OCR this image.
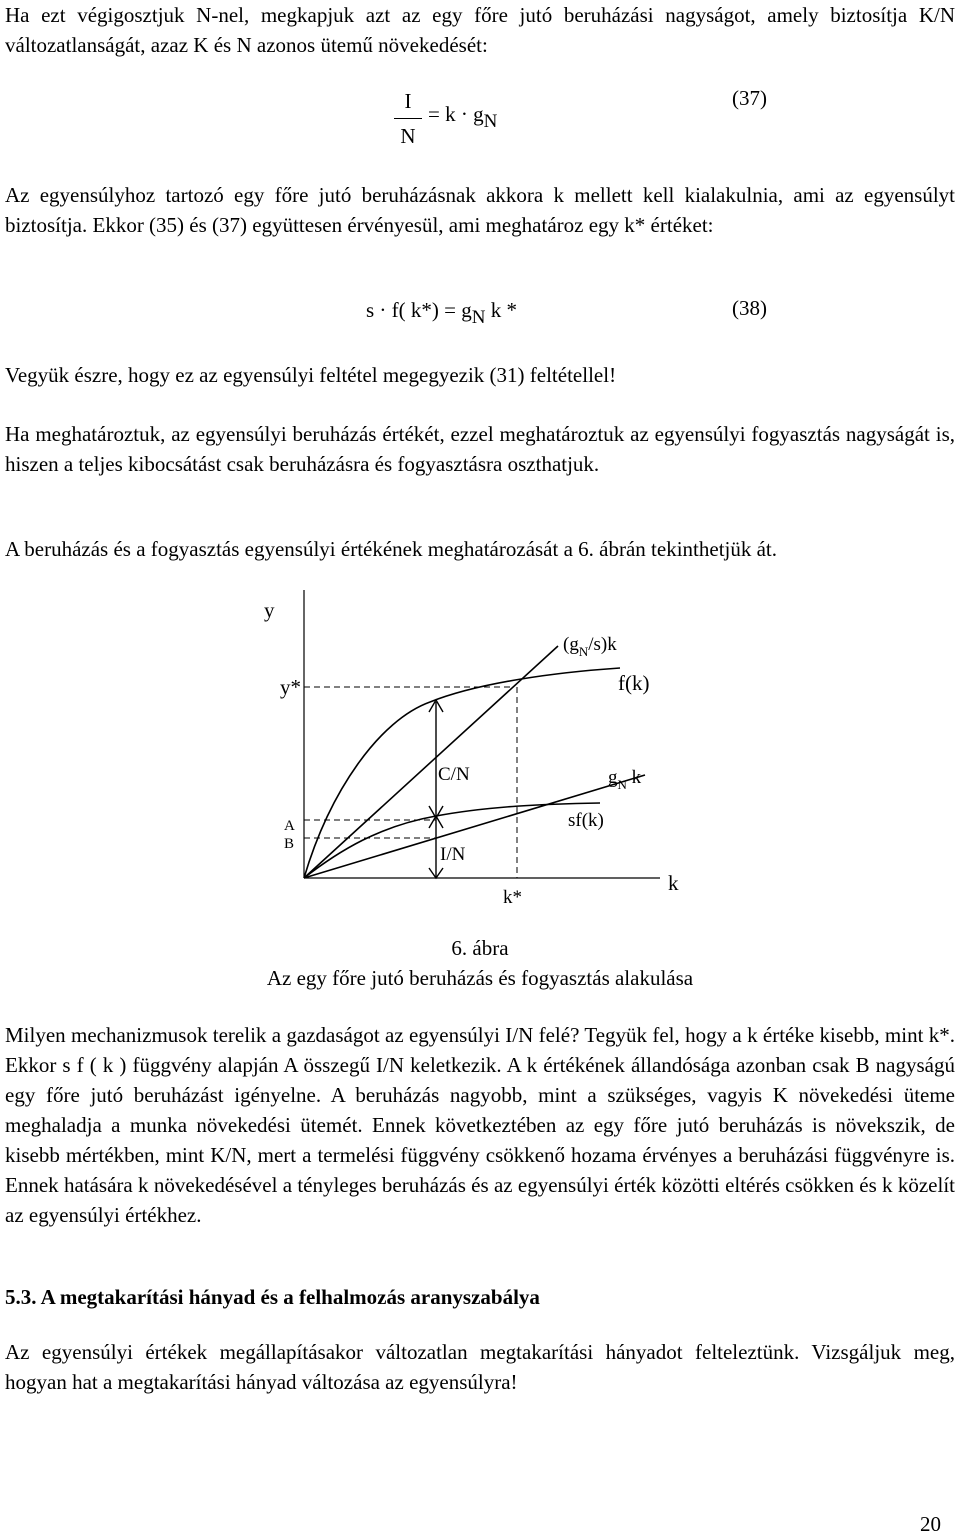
Ha ezt végigosztjuk N-nel, megkapjuk azt az egy főre jutó beruházási nagyságot, amely biztosítja K/N változatlanságát, azaz K és N azonos ütemű növekedését:

I
N
= k · gN
(37)

Az egyensúlyhoz tartozó egy főre jutó beruházásnak akkora k mellett kell kialakulnia, ami az egyensúlyt biztosítja. Ekkor (35) és (37) együttesen érvényesül, ami meghatároz egy k* értéket:

s · f( k*) = gN k *	(38)

Vegyük észre, hogy ez az egyensúlyi feltétel megegyezik (31) feltétellel!

Ha meghatároztuk, az egyensúlyi beruházás értékét, ezzel meghatároztuk az egyensúlyi fogyasztás nagyságát is, hiszen a teljes kibocsátást csak beruházásra és fogyasztásra oszthatjuk.

A beruházás és a fogyasztás egyensúlyi értékének meghatározását a 6. ábrán tekinthetjük át.

y
y*
$(g_N/s)k$
f(k)
C/N	$g_N$ k
A
B
sf(k)
I/N
k*
k
6. ábra
Az egy főre jutó beruházás és fogyasztás alakulása

Milyen mechanizmusok terelik a gazdaságot az egyensúlyi I/N felé? Tegyük fel, hogy a k értéke kisebb, mint k*. Ekkor s f ( k ) függvény alapján A összegű I/N keletkezik. A k értékének állandósága azonban csak B nagyságú egy főre jutó beruházást igényelne. A beruházás nagyobb, mint a szükséges, vagyis K növekedési üteme meghaladja a munka növekedési ütemét. Ennek következtében az egy főre jutó beruházás is növekszik, de kisebb mértékben, mint K/N, mert a termelési függvény csökkenő hozama érvényes a beruházási függvényre is. Ennek hatására k növekedésével a tényleges beruházás és az egyensúlyi érték közötti eltérés csökken és k közelít az egyensúlyi értékhez.

5.3. A megtakarítási hányad és a felhalmozás aranyszabálya

Az egyensúlyi értékek megállapításakor változatlan megtakarítási hányadot felteleztünk. Vizsgáljuk meg, hogyan hat a megtakarítási hányad változása az egyensúlyra!

20
